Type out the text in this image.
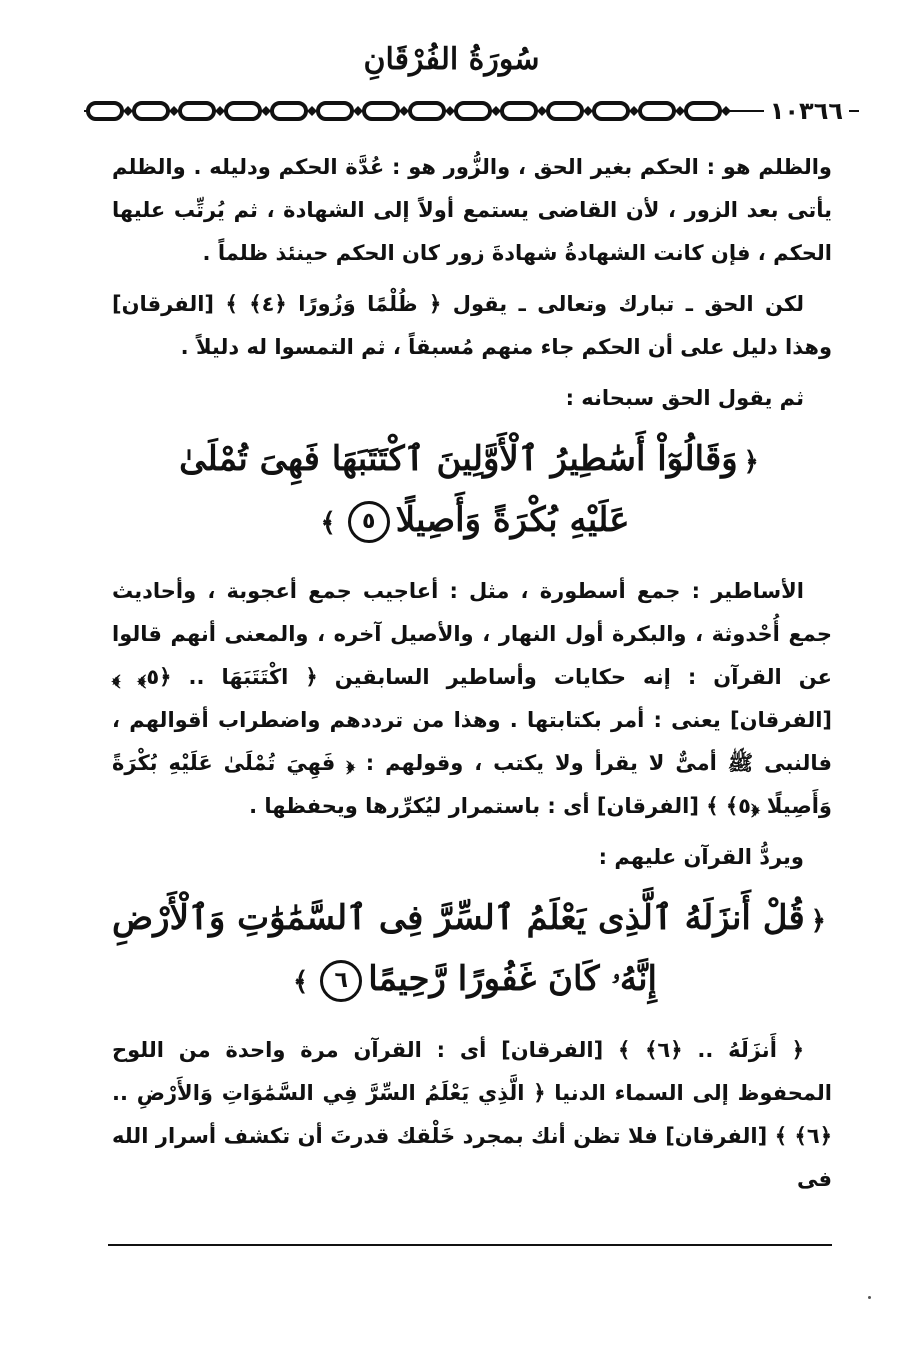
سُورَةُ الفُرْقَانِ
١٠٣٦٦

والظلم هو : الحكم بغير الحق ، والزُّور هو : عُدَّة الحكم ودليله . والظلم يأتى بعد الزور ، لأن القاضى يستمع أولاً إلى الشهادة ، ثم يُرتِّب عليها الحكم ، فإن كانت الشهادةُ شهادةَ زور كان الحكم حينئذ ظلماً .

لكن الحق ـ تبارك وتعالى ـ يقول ﴿ ظُلْمًا وَزُورًا ﴿٤﴾ ﴾ [الفرقان] وهذا دليل على أن الحكم جاء منهم مُسبقاً ، ثم التمسوا له دليلاً .

ثم يقول الحق سبحانه :

﴿وَقَالُوٓاْ أَسَٰطِيرُ ٱلْأَوَّلِينَ ٱكْتَتَبَهَا فَهِىَ تُمْلَىٰ
عَلَيْهِ بُكْرَةً وَأَصِيلًا٥﴾

الأساطير : جمع أسطورة ، مثل : أعاجيب جمع أعجوبة ، وأحاديث جمع أُحْدوثة ، والبكرة أول النهار ، والأصيل آخره ، والمعنى أنهم قالوا عن القرآن : إنه حكايات وأساطير السابقين ﴿ اكْتَتَبَهَا .. ﴿٥﴾ ﴾ [الفرقان] يعنى : أمر بكتابتها . وهذا من ترددهم واضطراب أقوالهم ، فالنبى ﷺ أمىٌّ لا يقرأ ولا يكتب ، وقولهم : ﴿ فَهِيَ تُمْلَىٰ عَلَيْهِ بُكْرَةً وَأَصِيلًا ﴿٥﴾ ﴾ [الفرقان] أى : باستمرار ليُكرِّرها ويحفظها .

ويردُّ القرآن عليهم :

﴿قُلْ أَنزَلَهُ ٱلَّذِى يَعْلَمُ ٱلسِّرَّ فِى ٱلسَّمَٰوَٰتِ وَٱلْأَرْضِ
إِنَّهُۥ كَانَ غَفُورًا رَّحِيمًا٦﴾

﴿ أَنزَلَهُ .. ﴿٦﴾ ﴾ [الفرقان] أى : القرآن مرة واحدة من اللوح المحفوظ إلى السماء الدنيا ﴿ الَّذِي يَعْلَمُ السِّرَّ فِي السَّمَٰوَاتِ وَالأَرْضِ .. ﴿٦﴾ ﴾ [الفرقان] فلا تظن أنك بمجرد خَلْقك قدرتَ أن تكشف أسرار الله فى
